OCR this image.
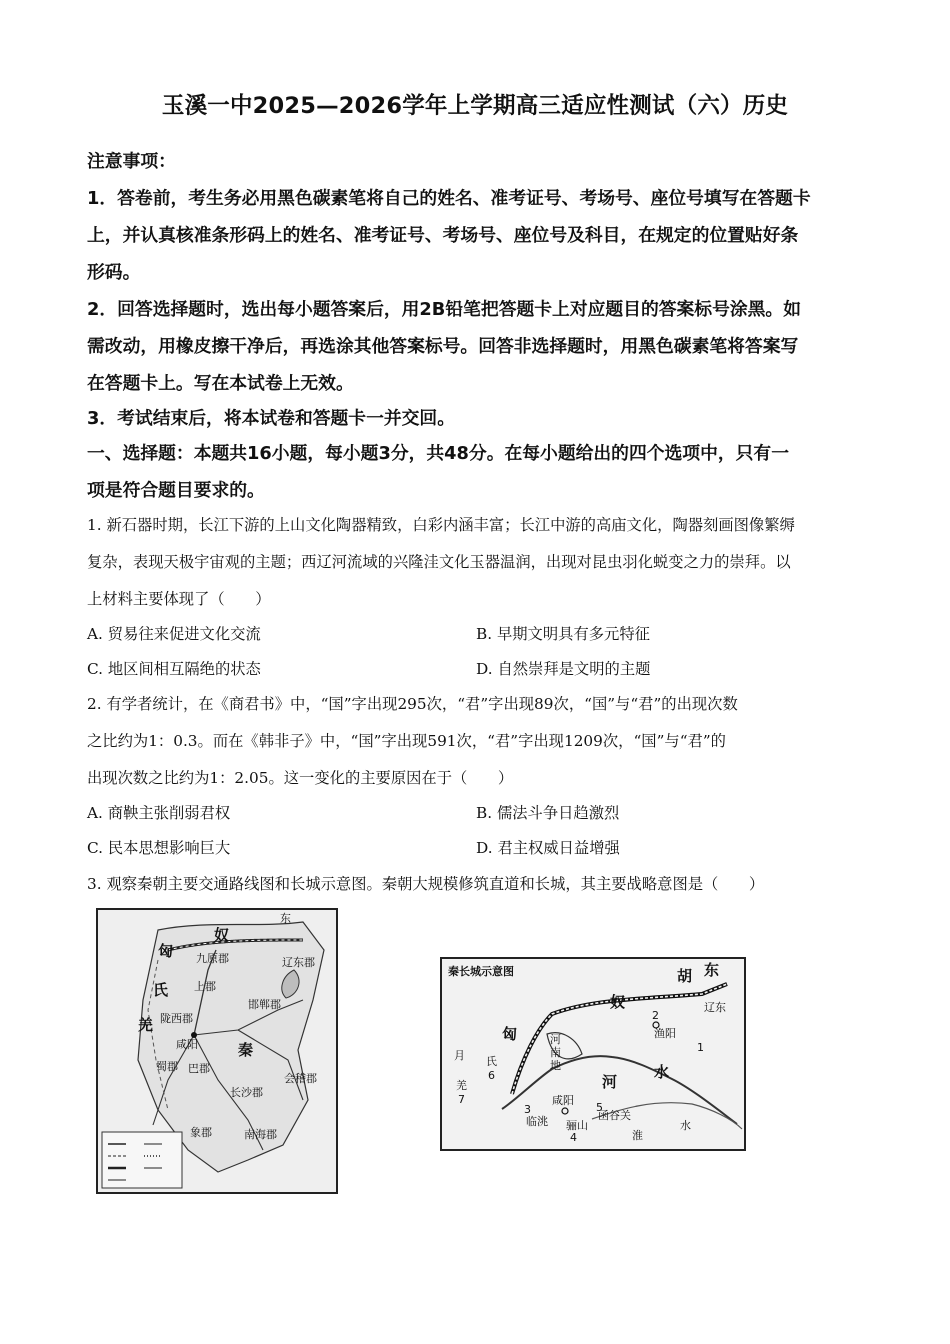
玉溪一中2025—2026学年上学期高三适应性测试（六）历史
注意事项：
1．答卷前，考生务必用黑色碳素笔将自己的姓名、准考证号、考场号、座位号填写在答题卡
上，并认真核准条形码上的姓名、准考证号、考场号、座位号及科目，在规定的位置贴好条
形码。
2．回答选择题时，选出每小题答案后，用2B铅笔把答题卡上对应题目的答案标号涂黑。如
需改动，用橡皮擦干净后，再选涂其他答案标号。回答非选择题时，用黑色碳素笔将答案写
在答题卡上。写在本试卷上无效。
3．考试结束后，将本试卷和答题卡一并交回。
一、选择题：本题共16小题，每小题3分，共48分。在每小题给出的四个选项中，只有一
项是符合题目要求的。
1. 新石器时期，长江下游的上山文化陶器精致，白彩内涵丰富；长江中游的高庙文化，陶器刻画图像繁缛
复杂，表现天极宇宙观的主题；西辽河流域的兴隆洼文化玉器温润，出现对昆虫羽化蜕变之力的崇拜。以
上材料主要体现了（　　）
A. 贸易往来促进文化交流	B. 早期文明具有多元特征
C. 地区间相互隔绝的状态	D. 自然崇拜是文明的主题
2. 有学者统计，在《商君书》中，“国”字出现295次，“君”字出现89次，“国”与“君”的出现次数
之比约为1：0.3。而在《韩非子》中，“国”字出现591次，“君”字出现1209次，“国”与“君”的
出现次数之比约为1：2.05。这一变化的主要原因在于（　　）
A. 商鞅主张削弱君权	B. 儒法斗争日趋激烈
C. 民本思想影响巨大	D. 君主权威日益增强
3. 观察秦朝主要交通路线图和长城示意图。秦朝大规模修筑直道和长城，其主要战略意图是（　　）
奴
匈
秦
羌
氏
东
辽东郡
上郡
咸阳
邯郸郡
九原郡
会稽郡
南海郡
象郡
长沙郡
巴郡
蜀郡
陇西郡
秦长城示意图	胡 东
奴
匈
月 氏
羌
河
南
地
咸阳
临洮	函谷关
渔阳
辽东
骊山
河
水
淮
水
1
2
3
4
5
6
7
